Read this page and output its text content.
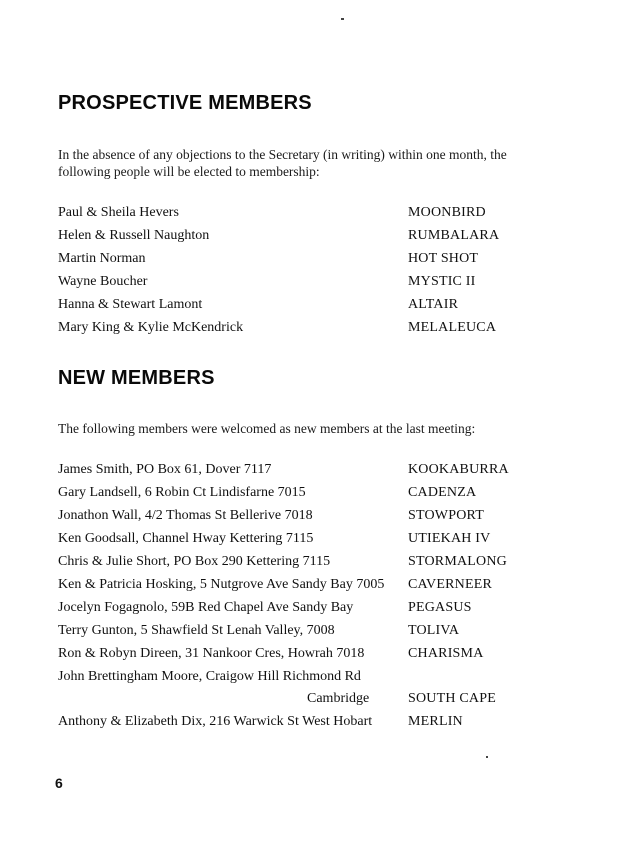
PROSPECTIVE MEMBERS

In the absence of any objections to the Secretary (in writing) within one month, the following people will be elected to membership:

Paul & Sheila Hevers	MOONBIRD
Helen & Russell Naughton	RUMBALARA
Martin Norman	HOT SHOT
Wayne Boucher	MYSTIC II
Hanna & Stewart Lamont	ALTAIR
Mary King & Kylie McKendrick	MELALEUCA
NEW MEMBERS

The following members were welcomed as new members at the last meeting:

James Smith, PO Box 61, Dover 7117	KOOKABURRA
Gary Landsell, 6 Robin Ct Lindisfarne 7015	CADENZA
Jonathon Wall, 4/2 Thomas St Bellerive 7018	STOWPORT
Ken Goodsall, Channel Hway Kettering 7115	UTIEKAH IV
Chris & Julie Short, PO Box 290 Kettering 7115	STORMALONG
Ken & Patricia Hosking, 5 Nutgrove Ave Sandy Bay 7005 CAVERNEER
Jocelyn Fogagnolo, 59B Red Chapel Ave Sandy Bay	PEGASUS
Terry Gunton, 5 Shawfield St Lenah Valley, 7008	TOLIVA
Ron & Robyn Direen, 31 Nankoor Cres, Howrah 7018	CHARISMA
John Brettingham Moore, Craigow Hill Richmond Rd
Cambridge	SOUTH CAPE
Anthony & Elizabeth Dix, 216 Warwick St West Hobart	MERLIN
6
